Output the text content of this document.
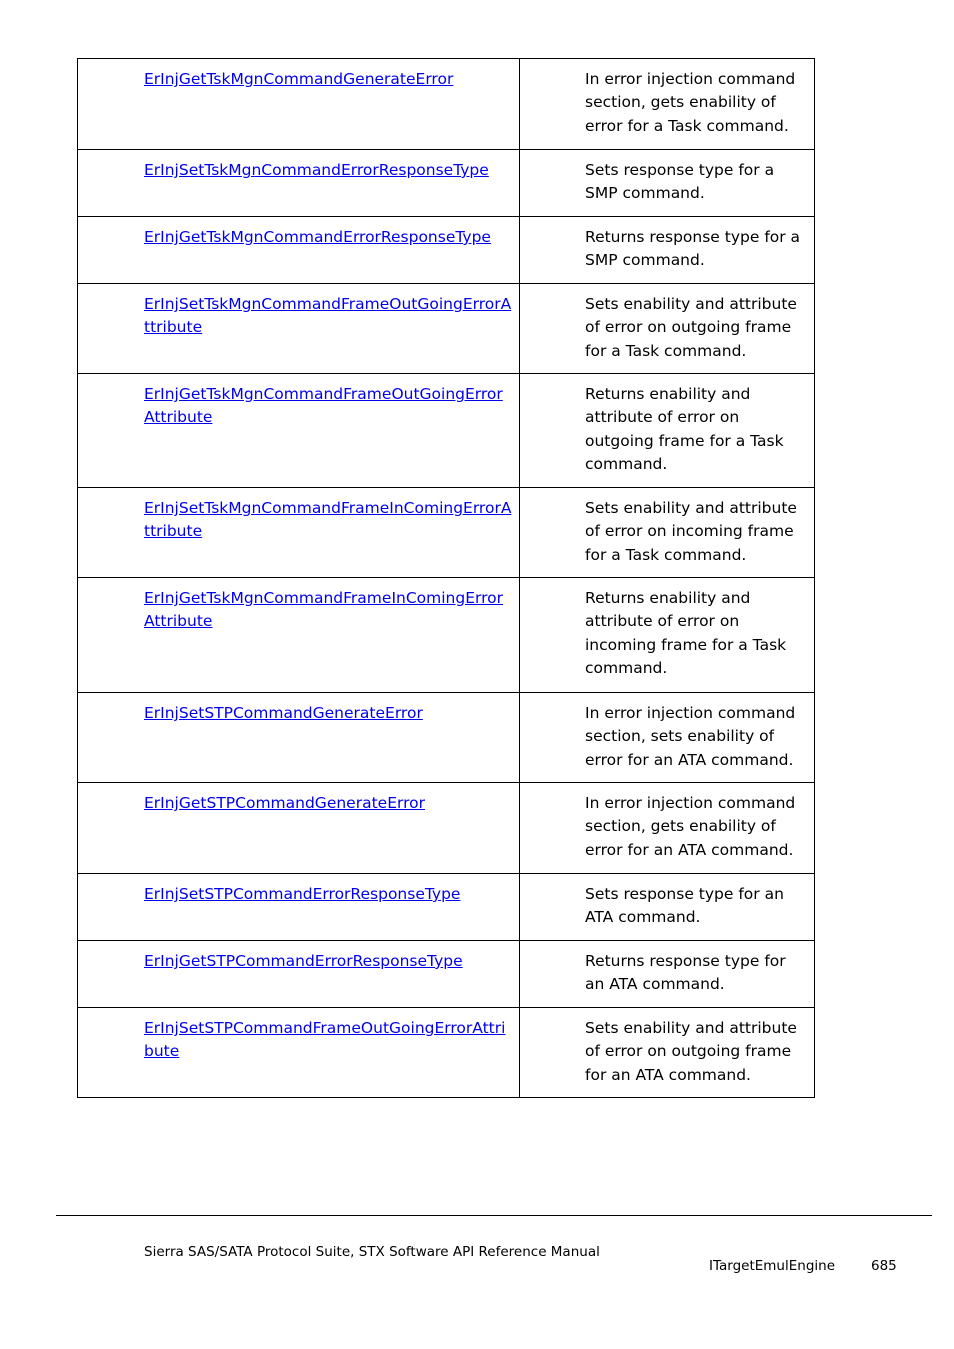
ErInjGetTskMgnCommandGenerateError	In error injection command section, gets enability of error for a Task command.
ErInjSetTskMgnCommandErrorResponseType	Sets response type for a SMP command.
ErInjGetTskMgnCommandErrorResponseType	Returns response type for a SMP command.
ErInjSetTskMgnCommandFrameOutGoingErrorAttribute	Sets enability and attribute of error on outgoing frame for a Task command.
ErInjGetTskMgnCommandFrameOutGoingErrorAttribute	Returns enability and attribute of error on outgoing frame for a Task command.
ErInjSetTskMgnCommandFrameInComingErrorAttribute	Sets enability and attribute of error on incoming frame for a Task command.
ErInjGetTskMgnCommandFrameInComingErrorAttribute	Returns enability and attribute of error on incoming frame for a Task command.
ErInjSetSTPCommandGenerateError	In error injection command section, sets enability of error for an ATA command.
ErInjGetSTPCommandGenerateError	In error injection command section, gets enability of error for an ATA command.
ErInjSetSTPCommandErrorResponseType	Sets response type for an ATA command.
ErInjGetSTPCommandErrorResponseType	Returns response type for an ATA command.
ErInjSetSTPCommandFrameOutGoingErrorAttribute	Sets enability and attribute of error on outgoing frame for an ATA command.
Sierra SAS/SATA Protocol Suite, STX Software API Reference Manual
ITargetEmulEngine	685
